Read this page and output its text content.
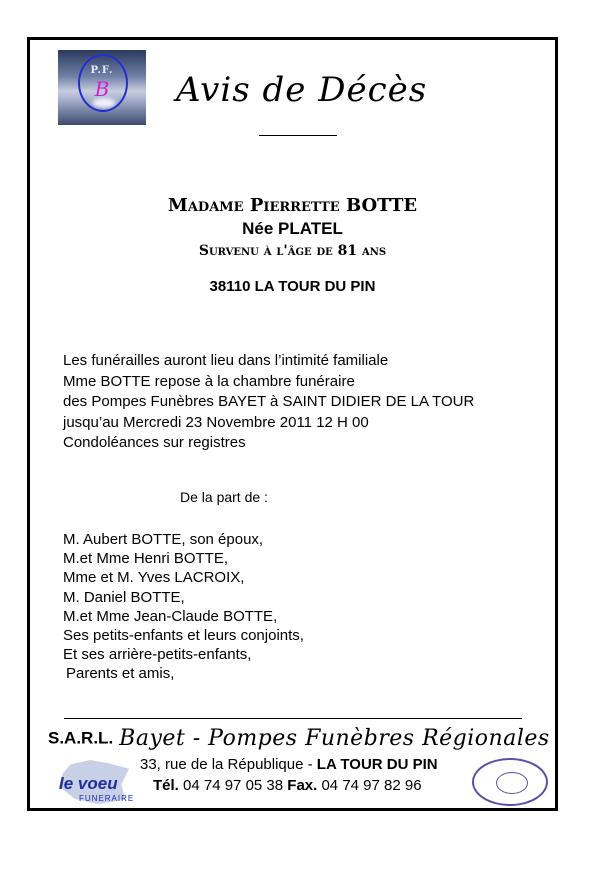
P.F.
B	Avis de Décès
Madame Pierrette BOTTE
Née PLATEL
Survenu à l'âge de 81 ans
38110 LA TOUR DU PIN
Les funérailles auront lieu dans l’intimité familiale
Mme BOTTE repose à la chambre funéraire
des Pompes Funèbres BAYET à SAINT DIDIER DE LA TOUR
jusqu’au Mercredi 23 Novembre 2011 12 H 00
Condoléances sur registres
De la part de :
M. Aubert BOTTE, son époux,
M.et Mme Henri BOTTE,
Mme et M. Yves LACROIX,
M. Daniel BOTTE,
M.et Mme Jean-Claude BOTTE,
Ses petits-enfants et leurs conjoints,
Et ses arrière-petits-enfants,
Parents et amis,
S.A.R.L. Bayet - Pompes Funèbres Régionales
le voeu
FUNERAIRE
33, rue de la République - LA TOUR DU PIN
Tél. 04 74 97 05 38 Fax. 04 74 97 82 96
